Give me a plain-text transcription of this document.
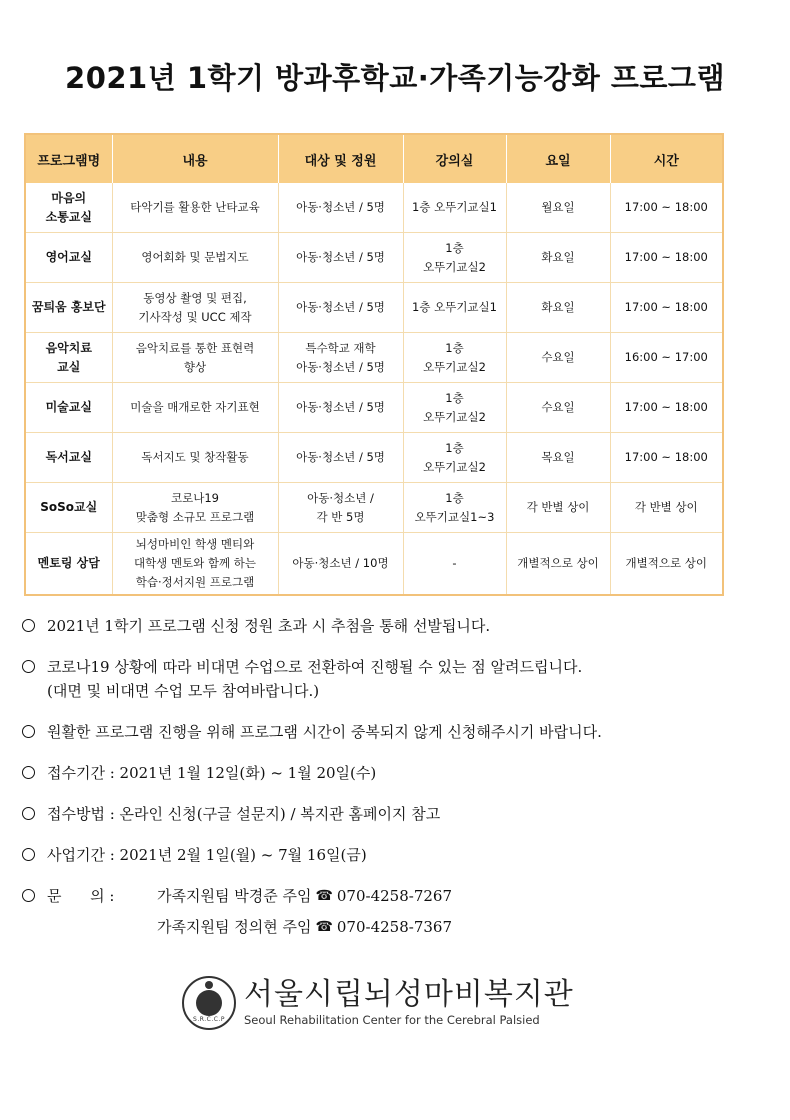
2021년 1학기 방과후학교·가족기능강화 프로그램
프로그램명	내용	대상 및 정원	강의실	요일	시간

마음의
소통교실	타악기를 활용한 난타교육	아동·청소년 / 5명	1층 오뚜기교실1	월요일	17:00 ~ 18:00

영어교실	영어회화 및 문법지도	아동·청소년 / 5명	1층
오뚜기교실2	화요일	17:00 ~ 18:00

꿈틔움 홍보단	동영상 촬영 및 편집,
기사작성 및 UCC 제작	아동·청소년 / 5명	1층 오뚜기교실1	화요일	17:00 ~ 18:00

음악치료
교실	음악치료를 통한 표현력
향상	특수학교 재학
아동·청소년 / 5명	1층
오뚜기교실2	수요일	16:00 ~ 17:00

미술교실	미술을 매개로한 자기표현	아동·청소년 / 5명	1층
오뚜기교실2	수요일	17:00 ~ 18:00

독서교실	독서지도 및 창작활동	아동·청소년 / 5명	1층
오뚜기교실2	목요일	17:00 ~ 18:00

SoSo교실	코로나19
맞춤형 소규모 프로그램	아동·청소년 /
각 반 5명	1층
오뚜기교실1~3	각 반별 상이	각 반별 상이

멘토링 상담	뇌성마비인 학생 멘티와
대학생 멘토와 함께 하는
학습·정서지원 프로그램	아동·청소년 / 10명	-	개별적으로 상이	개별적으로 상이
2021년 1학기 프로그램 신청 정원 초과 시 추첨을 통해 선발됩니다.
코로나19 상황에 따라 비대면 수업으로 전환하여 진행될 수 있는 점 알려드립니다.
(대면 및 비대면 수업 모두 참여바랍니다.)
원활한 프로그램 진행을 위해 프로그램 시간이 중복되지 않게 신청해주시기 바랍니다.
접수기간 : 2021년 1월 12일(화) ~ 1월 20일(수)
접수방법 : 온라인 신청(구글 설문지) / 복지관 홈페이지 참고
사업기간 : 2021년 2월 1일(월) ~ 7월 16일(금)
문      의 :	가족지원팀 박경준 주임 ☎ 070-4258-7267
가족지원팀 정의현 주임 ☎ 070-4258-7367
S.R.C.C.P
서울시립뇌성마비복지관
Seoul Rehabilitation Center for the Cerebral Palsied
